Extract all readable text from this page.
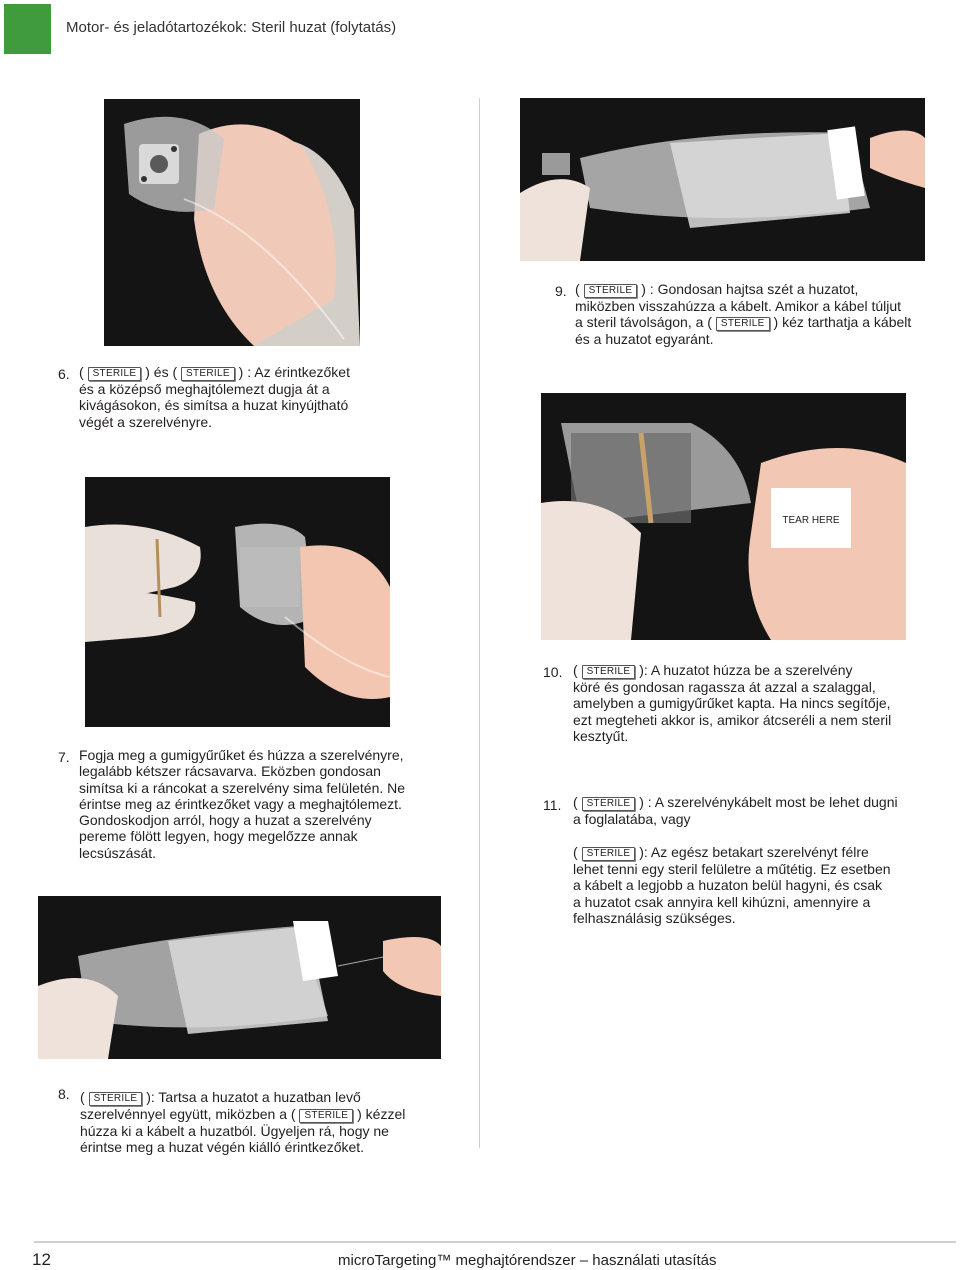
Motor- és jeladótartozékok: Steril huzat (folytatás)
TEAR HERE
6. ( STERILE ) és ( STERILE ) : Az érintkezőket
és a középső meghajtólemezt dugja át a
kivágásokon, és simítsa a huzat kinyújtható
végét a szerelvényre.
9. ( STERILE ) : Gondosan hajtsa szét a huzatot,
miközben visszahúzza a kábelt. Amikor a kábel túljut
a steril távolságon, a ( STERILE ) kéz tarthatja a kábelt
és a huzatot egyaránt.
7. Fogja meg a gumigyűrűket és húzza a szerelvényre,
legalább kétszer rácsavarva. Eközben gondosan
simítsa ki a ráncokat a szerelvény sima felületén. Ne
érintse meg az érintkezőket vagy a meghajtólemezt.
Gondoskodjon arról, hogy a huzat a szerelvény
pereme fölött legyen, hogy megelőzze annak
lecsúszását.
10. ( STERILE ): A huzatot húzza be a szerelvény
köré és gondosan ragassza át azzal a szalaggal,
amelyben a gumigyűrűket kapta. Ha nincs segítője,
ezt megteheti akkor is, amikor átcseréli a nem steril
kesztyűt.
11. ( STERILE ) : A szerelvénykábelt most be lehet dugni
a foglalatába, vagy
( STERILE ): Az egész betakart szerelvényt félre
lehet tenni egy steril felületre a műtétig. Ez esetben
a kábelt a legjobb a huzaton belül hagyni, és csak
a huzatot csak annyira kell kihúzni, amennyire a
felhasználásig szükséges.
8. ( STERILE ): Tartsa a huzatot a huzatban levő
szerelvénnyel együtt, miközben a ( STERILE ) kézzel
húzza ki a kábelt a huzatból. Ügyeljen rá, hogy ne
érintse meg a huzat végén kiálló érintkezőket.
12	microTargeting™ meghajtórendszer – használati utasítás
